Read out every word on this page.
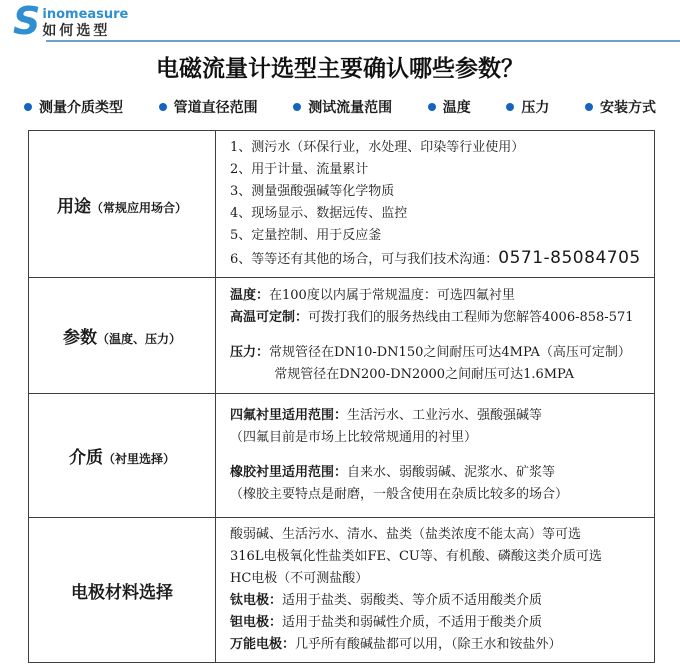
S inomeasure
如何选型
电磁流量计选型主要确认哪些参数？
测量介质类型	管道直径范围	测试流量范围	温度	压力	安装方式
用途（常规应用场合）
1、测污水（环保行业，水处理、印染等行业使用）
2、用于计量、流量累计
3、测量强酸强碱等化学物质
4、现场显示、数据远传、监控
5、定量控制、用于反应釜
6、等等还有其他的场合，可与我们技术沟通：0571-85084705
参数（温度、压力）
温度：在100度以内属于常规温度：可选四氟衬里
高温可定制：可拨打我们的服务热线由工程师为您解答4006-858-571
压力：常规管径在DN10-DN150之间耐压可达4MPA（高压可定制）
常规管径在DN200-DN2000之间耐压可达1.6MPA
介质（衬里选择）
四氟衬里适用范围：生活污水、工业污水、强酸强碱等
（四氟目前是市场上比较常规通用的衬里）
橡胶衬里适用范围：自来水、弱酸弱碱、泥浆水、矿浆等
（橡胶主要特点是耐磨，一般含使用在杂质比较多的场合）
电极材料选择
酸弱碱、生活污水、清水、盐类（盐类浓度不能太高）等可选
316L电极氧化性盐类如FE、CU等、有机酸、磷酸这类介质可选
HC电极（不可测盐酸）
钛电极：适用于盐类、弱酸类、等介质不适用酸类介质
钽电极：适用于盐类和弱碱性介质，不适用于酸类介质
万能电极：几乎所有酸碱盐都可以用，（除王水和铵盐外）
